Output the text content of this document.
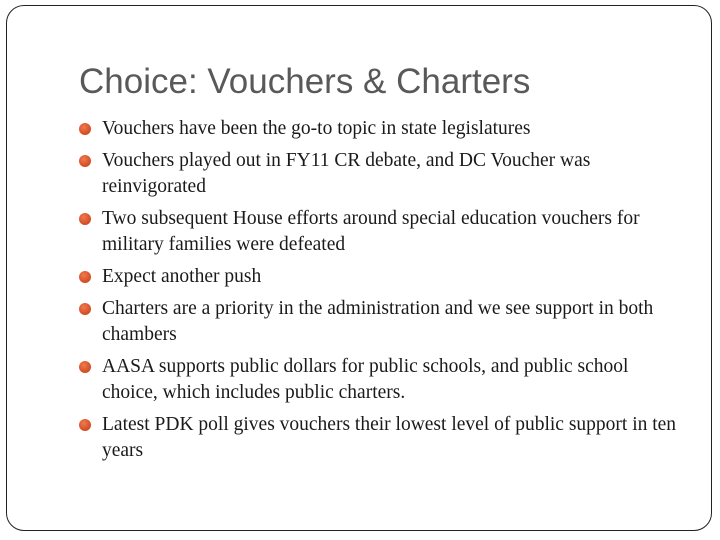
Choice: Vouchers & Charters
Vouchers have been the go-to topic in state legislatures
Vouchers played out in FY11 CR debate, and DC Voucher was reinvigorated
Two subsequent House efforts around special education vouchers for military families were defeated
Expect another push
Charters are a priority in the administration and we see support in both chambers
AASA supports public dollars for public schools, and public school choice, which includes public charters.
Latest PDK poll gives vouchers their lowest level of public support in ten years
